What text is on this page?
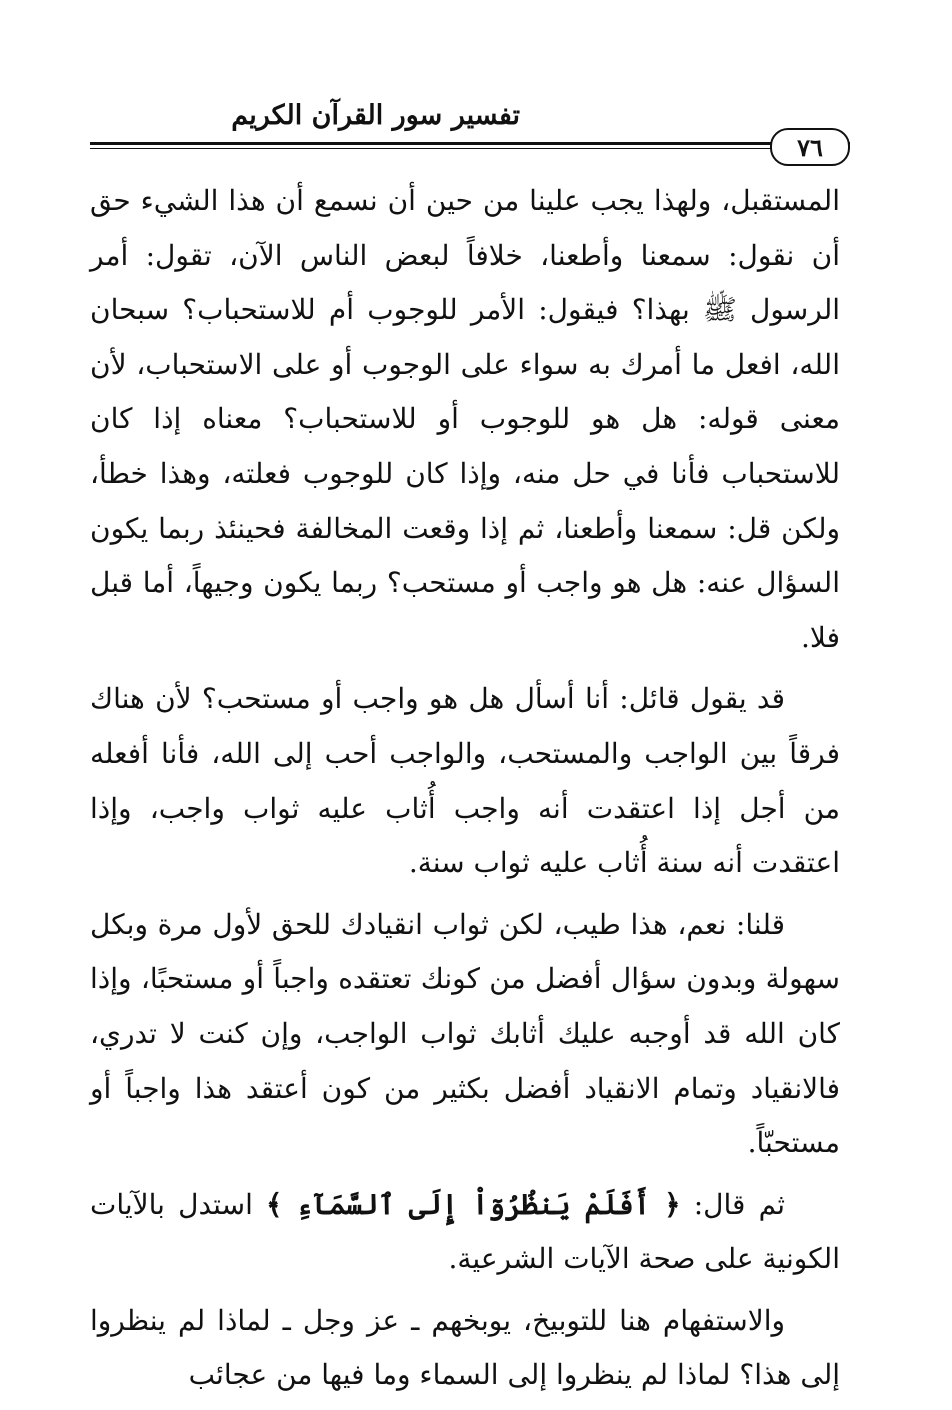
تفسير سور القرآن الكريم
٧٦

المستقبل، ولهذا يجب علينا من حين أن نسمع أن هذا الشيء حق أن نقول: سمعنا وأطعنا، خلافاً لبعض الناس الآن، تقول: أمر الرسول ﷺ بهذا؟ فيقول: الأمر للوجوب أم للاستحباب؟ سبحان الله، افعل ما أمرك به سواء على الوجوب أو على الاستحباب، لأن معنى قوله: هل هو للوجوب أو للاستحباب؟ معناه إذا كان للاستحباب فأنا في حل منه، وإذا كان للوجوب فعلته، وهذا خطأ، ولكن قل: سمعنا وأطعنا، ثم إذا وقعت المخالفة فحينئذ ربما يكون السؤال عنه: هل هو واجب أو مستحب؟ ربما يكون وجيهاً، أما قبل فلا.

قد يقول قائل: أنا أسأل هل هو واجب أو مستحب؟ لأن هناك فرقاً بين الواجب والمستحب، والواجب أحب إلى الله، فأنا أفعله من أجل إذا اعتقدت أنه واجب أُثاب عليه ثواب واجب، وإذا اعتقدت أنه سنة أُثاب عليه ثواب سنة.

قلنا: نعم، هذا طيب، لكن ثواب انقيادك للحق لأول مرة وبكل سهولة وبدون سؤال أفضل من كونك تعتقده واجباً أو مستحبًا، وإذا كان الله قد أوجبه عليك أثابك ثواب الواجب، وإن كنت لا تدري، فالانقياد وتمام الانقياد أفضل بكثير من كون أعتقد هذا واجباً أو مستحبّاً.

ثم قال: ﴿ أَفَلَمْ يَنظُرُوٓاْ إِلَى ٱلسَّمَآءِ ﴾ استدل بالآيات الكونية على صحة الآيات الشرعية.

والاستفهام هنا للتوبيخ، يوبخهم ـ عز وجل ـ لماذا لم ينظروا إلى هذا؟ لماذا لم ينظروا إلى السماء وما فيها من عجائب
